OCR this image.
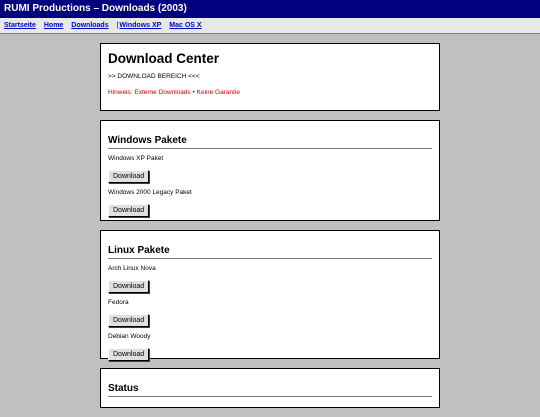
RUMI Productions – Downloads (2003)
Startseite Home Downloads |Windows XP Mac OS X
Download Center

>> DOWNLOAD BEREICH <<<

Hinweis: Externe Downloads • Keine Garantie

Windows Pakete
Windows XP Paket
Download
Windows 2000 Legacy Paket
Download
Linux Pakete
Arch Linux Nova
Download
Fedora
Download
Debian Woody
Download
Status
